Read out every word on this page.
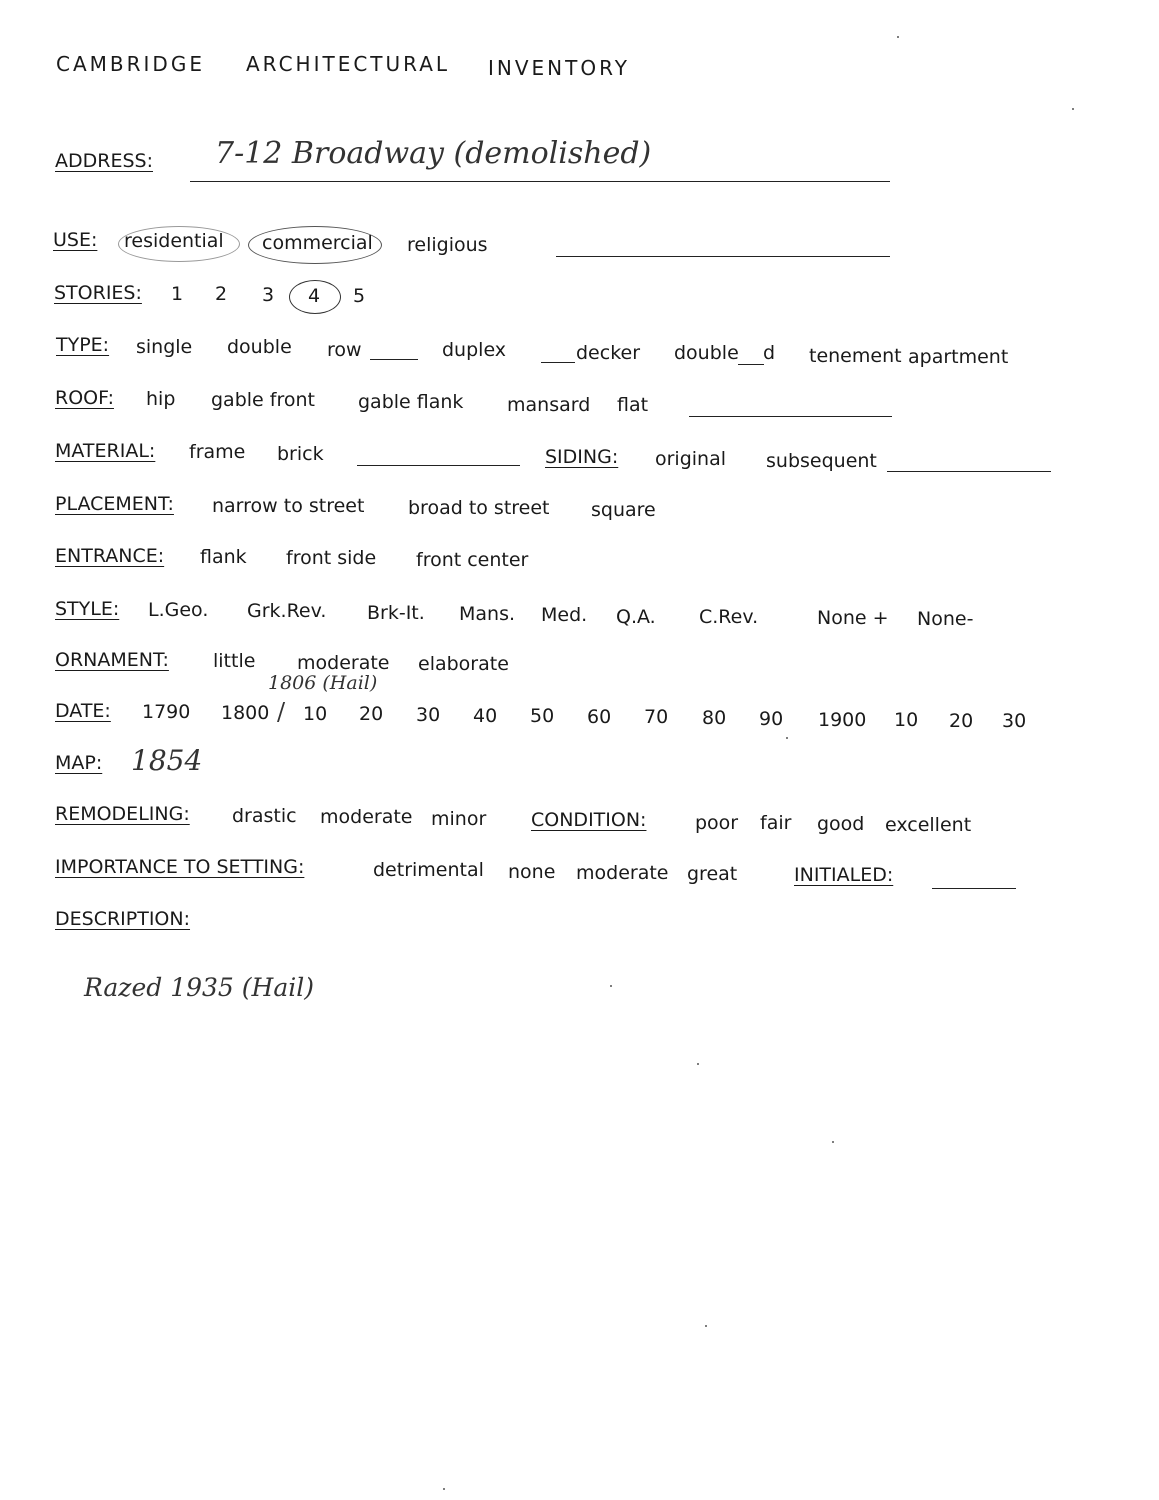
CAMBRIDGE ARCHITECTURAL INVENTORY
ADDRESS: 7-12 Broadway (demolished)
USE: residential commercial religious
STORIES: 1 2 3 4 5
TYPE: single double row	duplex	decker double d tenement apartment
ROOF: hip gable front gable flank mansard flat
MATERIAL: frame brick	SIDING: original subsequent
PLACEMENT: narrow to street broad to street square
ENTRANCE: flank front side front center
STYLE: L.Geo. Grk.Rev. Brk-It. Mans. Med. Q.A. C.Rev.	None + None-
ORNAMENT: little moderate elaborate
1806 (Hail)
DATE: 1790 1800 / 10 20 30 40 50 60 70 80 90 1900 10 20 30
MAP: 1854
REMODELING: drastic moderate minor CONDITION:	poor fair good excellent
IMPORTANCE TO SETTING:	detrimental none moderate great	INITIALED:
DESCRIPTION:
Razed 1935 (Hail)
